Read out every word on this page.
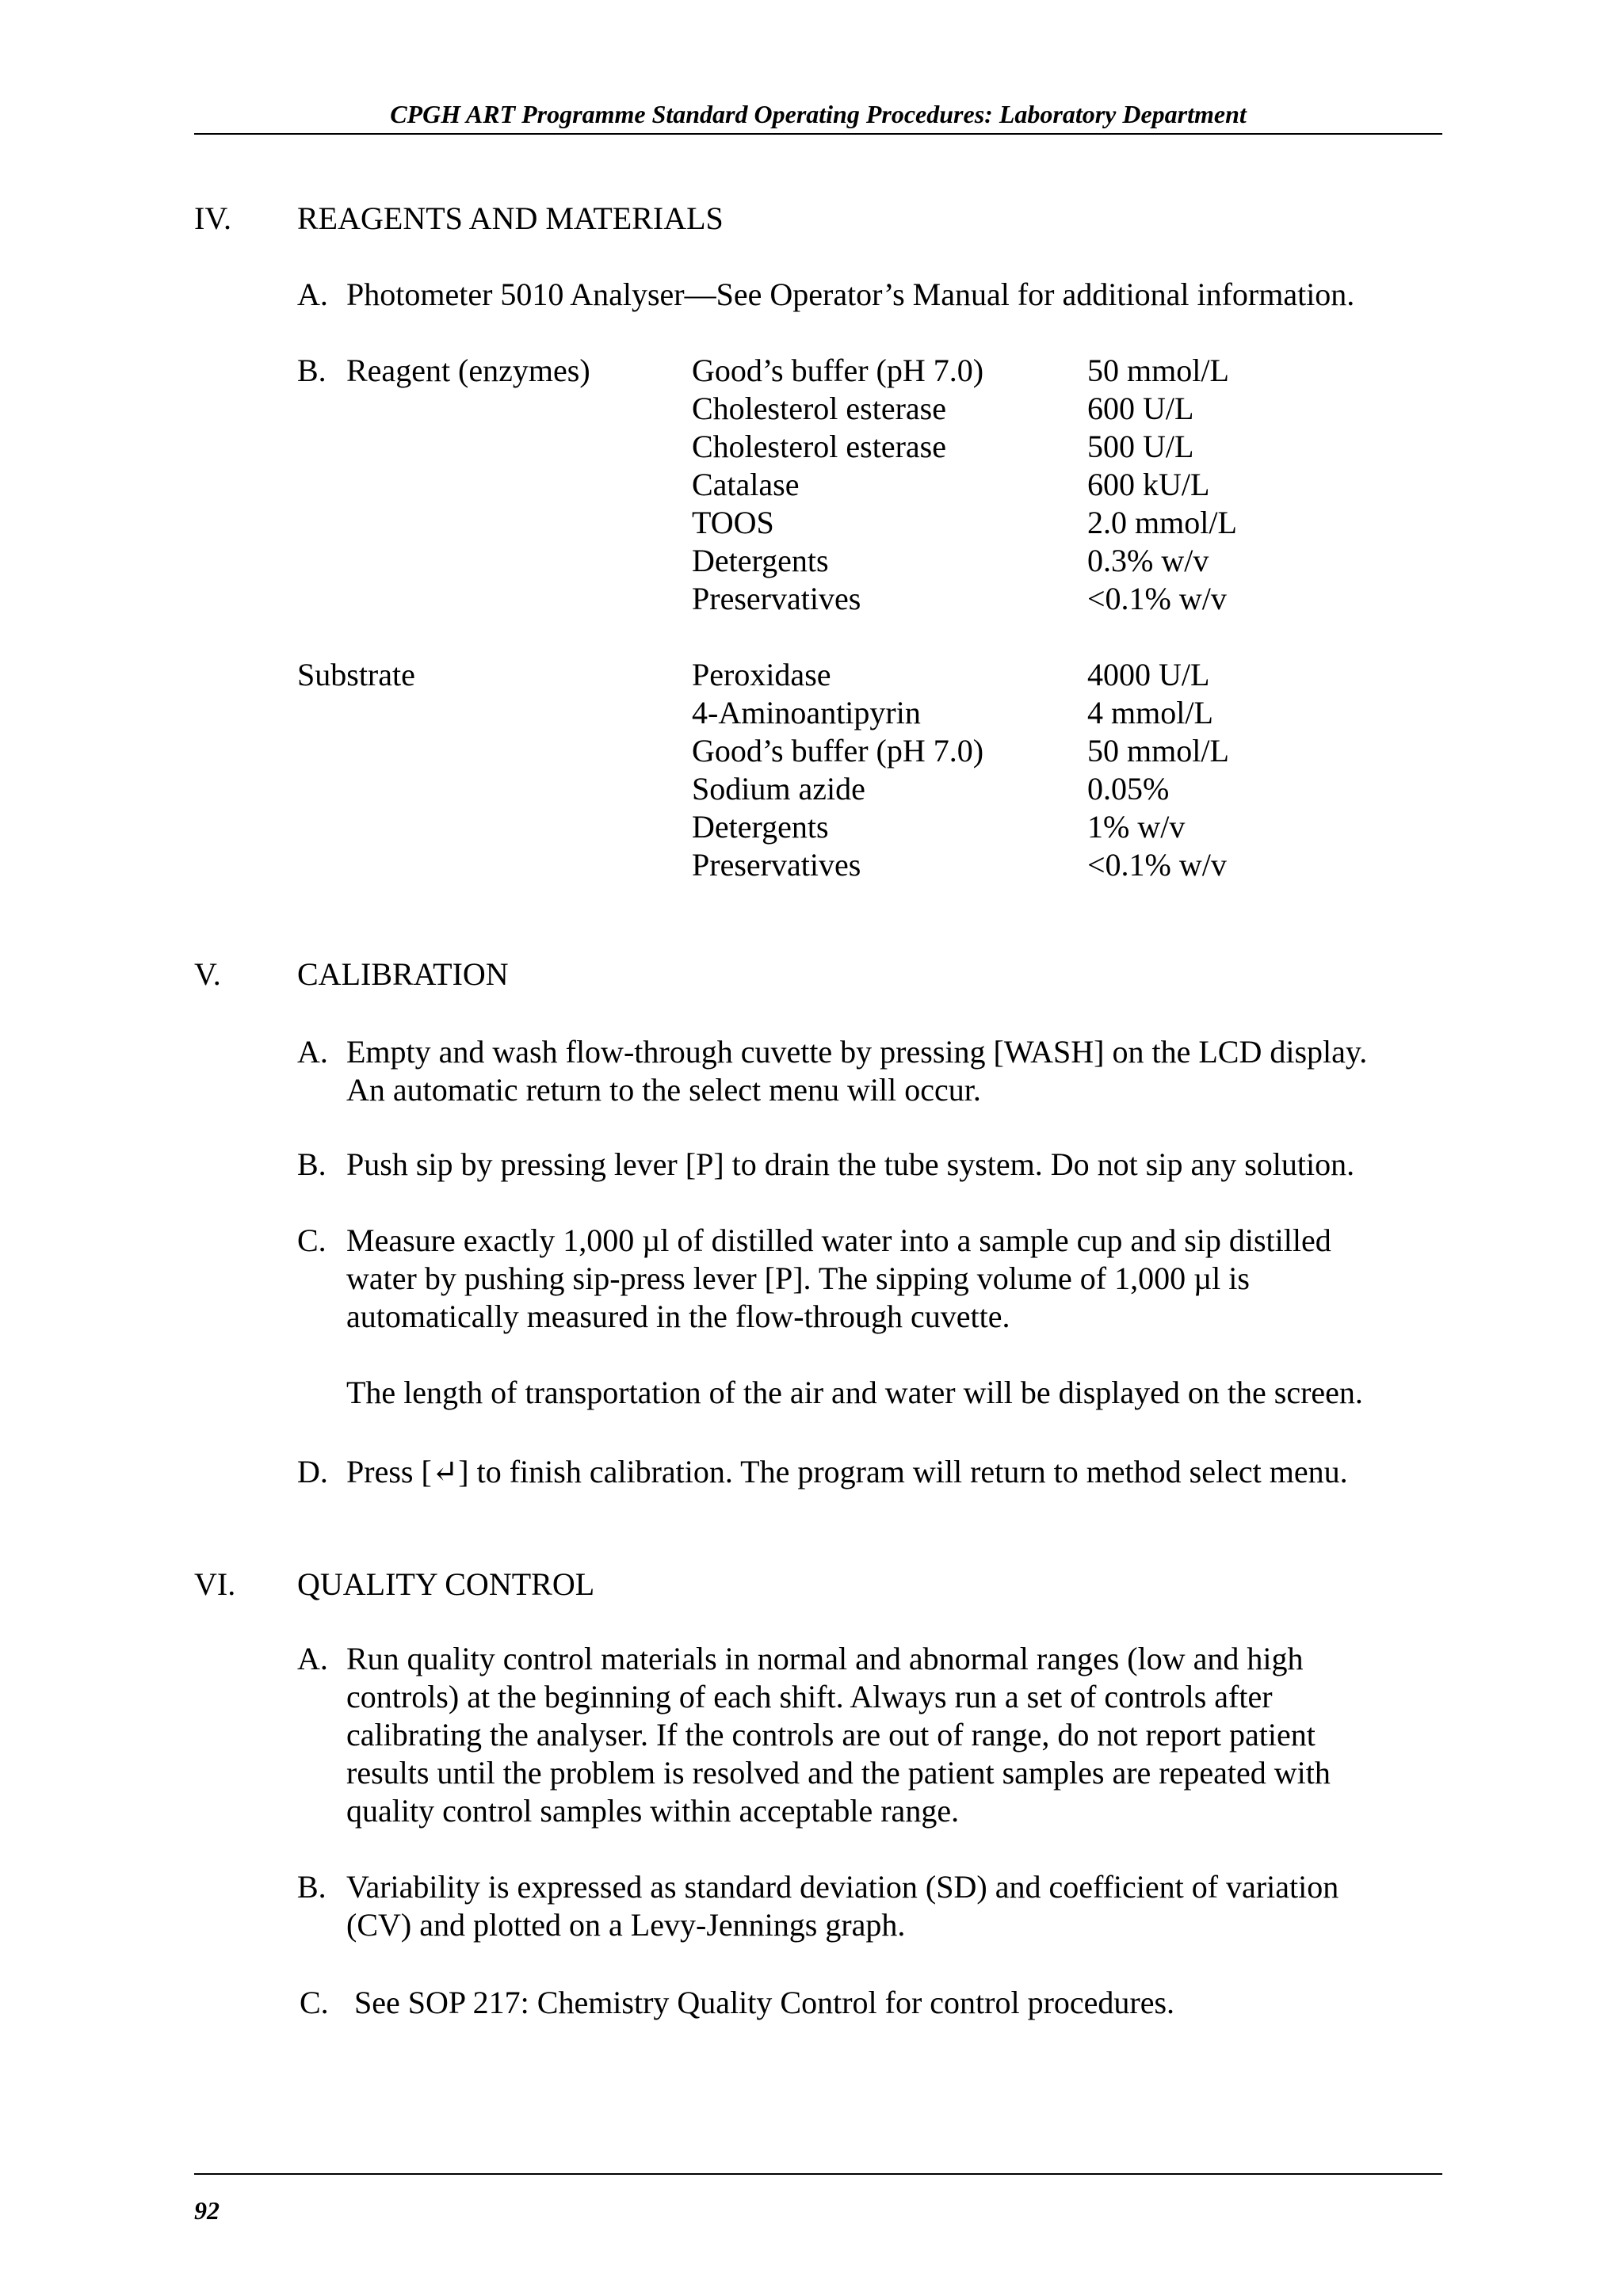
CPGH ART Programme Standard Operating Procedures: Laboratory Department
IV. REAGENTS AND MATERIALS
A. Photometer 5010 Analyser—See Operator’s Manual for additional information.
B. Reagent (enzymes)	Good’s buffer (pH 7.0)	50 mmol/L
Cholesterol esterase	600 U/L
Cholesterol esterase	500 U/L
Catalase	600 kU/L
TOOS	2.0 mmol/L
Detergents	0.3% w/v
Preservatives	<0.1% w/v
Substrate	Peroxidase	4000 U/L
4-Aminoantipyrin	4 mmol/L
Good’s buffer (pH 7.0)	50 mmol/L
Sodium azide	0.05%
Detergents	1% w/v
Preservatives	<0.1% w/v
V. CALIBRATION
A. Empty and wash flow-through cuvette by pressing [WASH] on the LCD display.
An automatic return to the select menu will occur.
B. Push sip by pressing lever [P] to drain the tube system. Do not sip any solution.
C. Measure exactly 1,000 µl of distilled water into a sample cup and sip distilled
water by pushing sip-press lever [P]. The sipping volume of 1,000 µl is
automatically measured in the flow-through cuvette.
The length of transportation of the air and water will be displayed on the screen.
D. Press [↵] to finish calibration. The program will return to method select menu.
VI. QUALITY CONTROL
A. Run quality control materials in normal and abnormal ranges (low and high
controls) at the beginning of each shift. Always run a set of controls after
calibrating the analyser. If the controls are out of range, do not report patient
results until the problem is resolved and the patient samples are repeated with
quality control samples within acceptable range.
B. Variability is expressed as standard deviation (SD) and coefficient of variation
(CV) and plotted on a Levy-Jennings graph.
C. See SOP 217: Chemistry Quality Control for control procedures.
92
